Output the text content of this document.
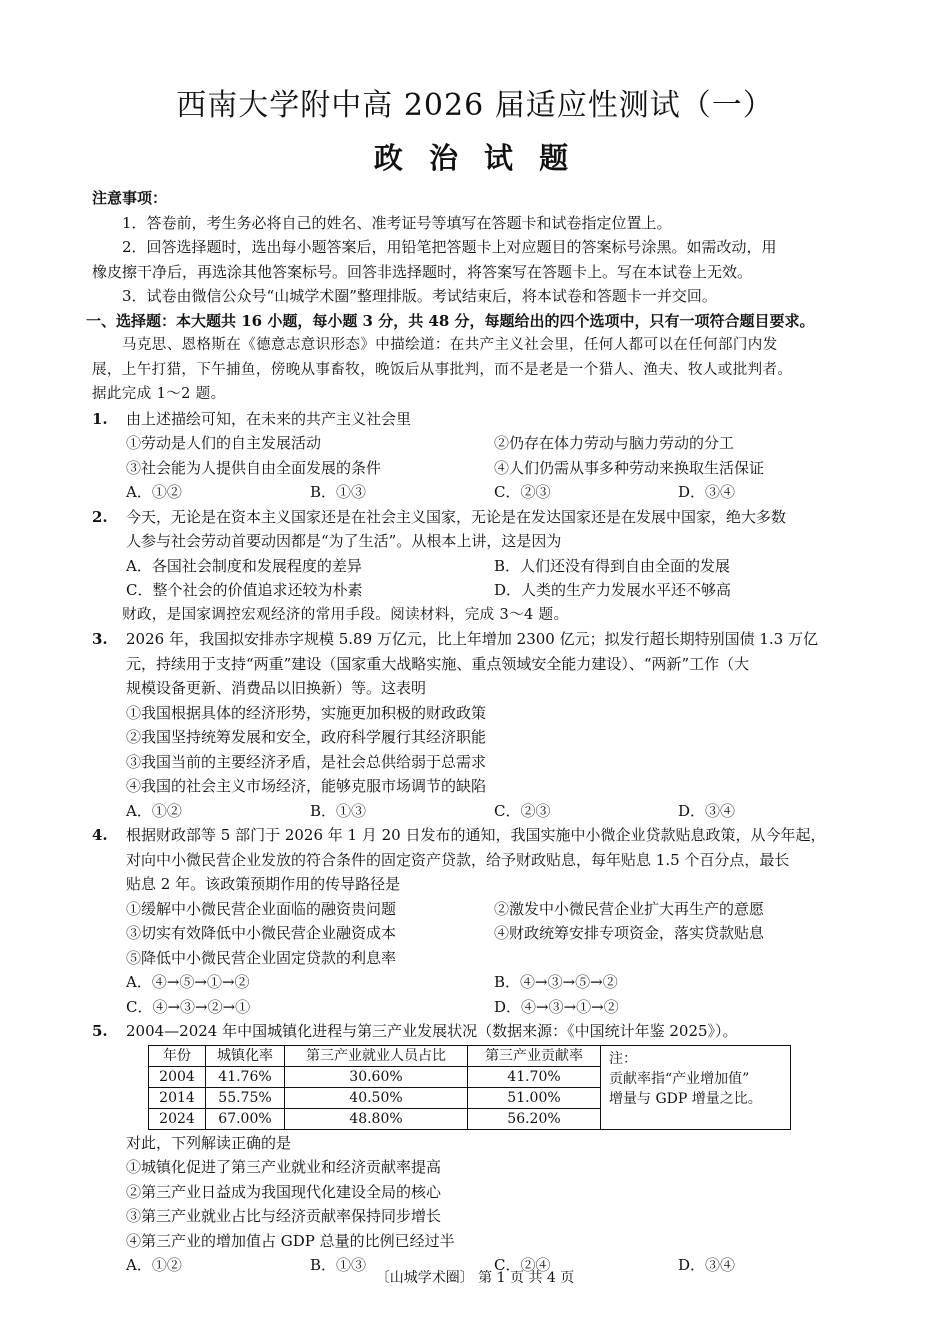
西南大学附中高 2026 届适应性测试（一）
政 治 试 题
注意事项：
1．答卷前，考生务必将自己的姓名、准考证号等填写在答题卡和试卷指定位置上。
2．回答选择题时，选出每小题答案后，用铅笔把答题卡上对应题目的答案标号涂黑。如需改动，用
橡皮擦干净后，再选涂其他答案标号。回答非选择题时，将答案写在答题卡上。写在本试卷上无效。
3．试卷由微信公众号“山城学术圈”整理排版。考试结束后，将本试卷和答题卡一并交回。
一、选择题：本大题共 16 小题，每小题 3 分，共 48 分，每题给出的四个选项中，只有一项符合题目要求。
马克思、恩格斯在《德意志意识形态》中描绘道：在共产主义社会里，任何人都可以在任何部门内发
展，上午打猎，下午捕鱼，傍晚从事畜牧，晚饭后从事批判，而不是老是一个猎人、渔夫、牧人或批判者。
据此完成 1～2 题。
1. 由上述描绘可知，在未来的共产主义社会里
①劳动是人们的自主发展活动	②仍存在体力劳动与脑力劳动的分工
③社会能为人提供自由全面发展的条件	④人们仍需从事多种劳动来换取生活保证
A．①②	B．①③	C．②③	D．③④
2. 今天，无论是在资本主义国家还是在社会主义国家，无论是在发达国家还是在发展中国家，绝大多数
人参与社会劳动首要动因都是“为了生活”。从根本上讲，这是因为
A．各国社会制度和发展程度的差异	B．人们还没有得到自由全面的发展
C．整个社会的价值追求还较为朴素	D．人类的生产力发展水平还不够高
财政，是国家调控宏观经济的常用手段。阅读材料，完成 3～4 题。
3. 2026 年，我国拟安排赤字规模 5.89 万亿元，比上年增加 2300 亿元；拟发行超长期特别国债 1.3 万亿
元，持续用于支持“两重”建设（国家重大战略实施、重点领域安全能力建设）、“两新”工作（大
规模设备更新、消费品以旧换新）等。这表明
①我国根据具体的经济形势，实施更加积极的财政政策
②我国坚持统筹发展和安全，政府科学履行其经济职能
③我国当前的主要经济矛盾，是社会总供给弱于总需求
④我国的社会主义市场经济，能够克服市场调节的缺陷
A．①②	B．①③	C．②③	D．③④
4. 根据财政部等 5 部门于 2026 年 1 月 20 日发布的通知，我国实施中小微企业贷款贴息政策，从今年起，
对向中小微民营企业发放的符合条件的固定资产贷款，给予财政贴息，每年贴息 1.5 个百分点，最长
贴息 2 年。该政策预期作用的传导路径是
①缓解中小微民营企业面临的融资贵问题	②激发中小微民营企业扩大再生产的意愿
③切实有效降低中小微民营企业融资成本	④财政统筹安排专项资金，落实贷款贴息
⑤降低中小微民营企业固定贷款的利息率
A．④→⑤→①→②	B．④→③→⑤→②
C．④→③→②→①	D．④→③→①→②
5. 2004—2024 年中国城镇化进程与第三产业发展状况（数据来源：《中国统计年鉴 2025》）。
年份	城镇化率	第三产业就业人员占比	第三产业贡献率
2004	41.76%	30.60%	41.70%
2014	55.75%	40.50%	51.00%
2024	67.00%	48.80%	56.20%
注：
贡献率指“产业增加值”
增量与 GDP 增量之比。
对此，下列解读正确的是
①城镇化促进了第三产业就业和经济贡献率提高
②第三产业日益成为我国现代化建设全局的核心
③第三产业就业占比与经济贡献率保持同步增长
④第三产业的增加值占 GDP 总量的比例已经过半
A．①②	B．①③	C．②④	D．③④
〔山城学术圈〕 第 1 页 共 4 页
